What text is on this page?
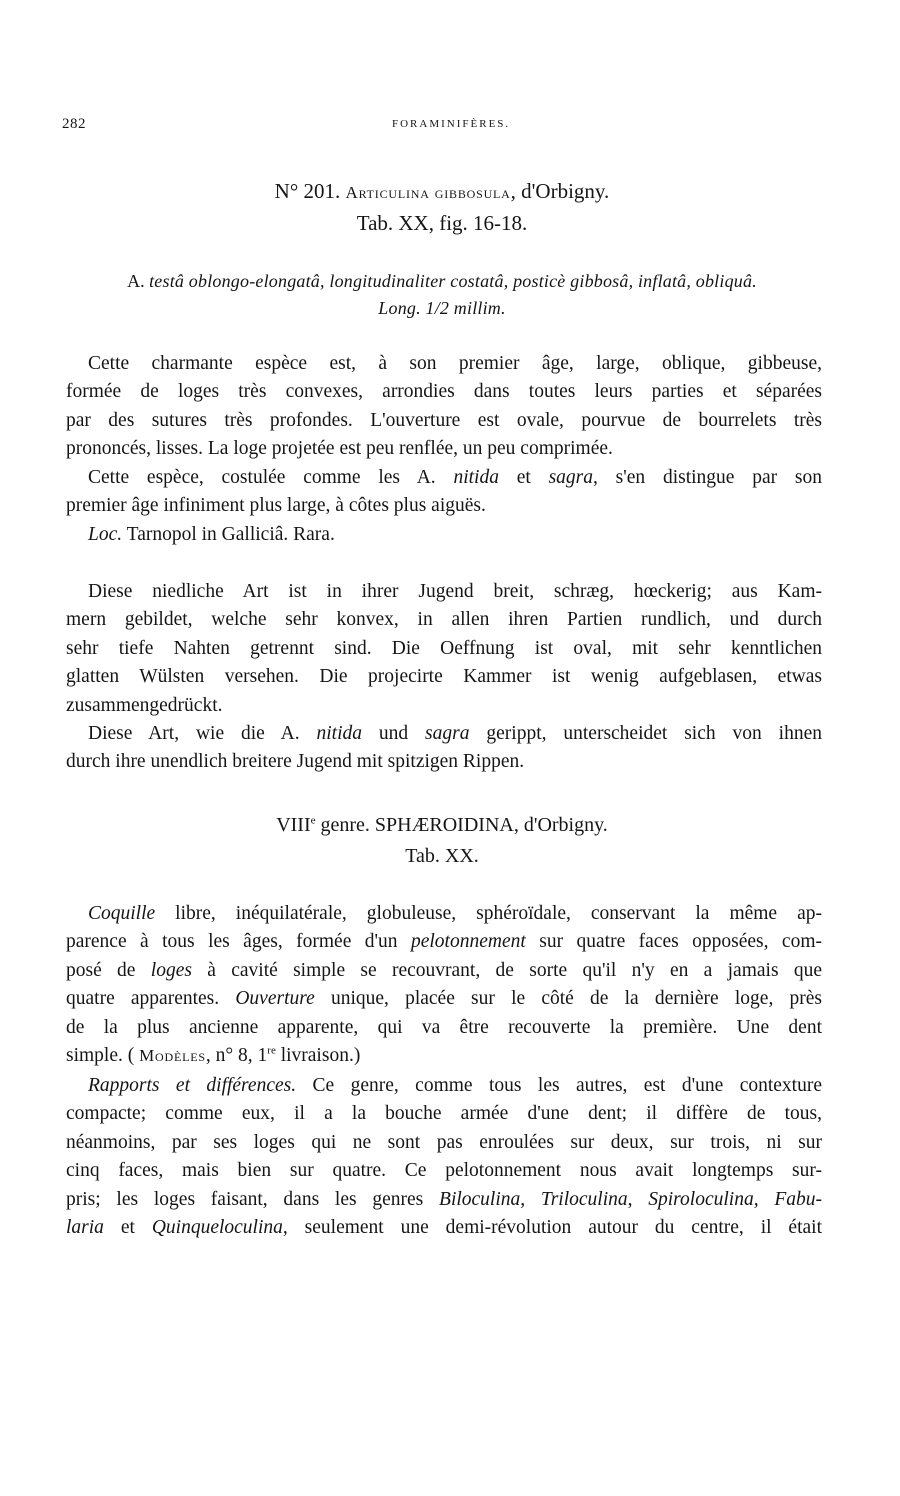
282	FORAMINIFÈRES.
N° 201. Articulina gibbosula, d'Orbigny.
Tab. XX, fig. 16-18.
A. testâ oblongo-elongatâ, longitudinaliter costatâ, posticè gibbosâ, inflatâ, obliquâ.
Long. 1/2 millim.
Cette charmante espèce est, à son premier âge, large, oblique, gibbeuse,
formée de loges très convexes, arrondies dans toutes leurs parties et séparées
par des sutures très profondes. L'ouverture est ovale, pourvue de bourrelets très
prononcés, lisses. La loge projetée est peu renflée, un peu comprimée.
Cette espèce, costulée comme les A. nitida et sagra, s'en distingue par son
premier âge infiniment plus large, à côtes plus aiguës.
Loc. Tarnopol in Galliciâ. Rara.
Diese niedliche Art ist in ihrer Jugend breit, schræg, hœckerig; aus Kam-
mern gebildet, welche sehr konvex, in allen ihren Partien rundlich, und durch
sehr tiefe Nahten getrennt sind. Die Oeffnung ist oval, mit sehr kenntlichen
glatten Wülsten versehen. Die projecirte Kammer ist wenig aufgeblasen, etwas
zusammengedrückt.
Diese Art, wie die A. nitida und sagra gerippt, unterscheidet sich von ihnen
durch ihre unendlich breitere Jugend mit spitzigen Rippen.
VIIIe genre. SPHÆROIDINA, d'Orbigny.
Tab. XX.
Coquille libre, inéquilatérale, globuleuse, sphéroïdale, conservant la même ap-
parence à tous les âges, formée d'un pelotonnement sur quatre faces opposées, com-
posé de loges à cavité simple se recouvrant, de sorte qu'il n'y en a jamais que
quatre apparentes. Ouverture unique, placée sur le côté de la dernière loge, près
de la plus ancienne apparente, qui va être recouverte la première. Une dent
simple. ( Modèles, n° 8, 1re livraison.)
Rapports et différences. Ce genre, comme tous les autres, est d'une contexture
compacte; comme eux, il a la bouche armée d'une dent; il diffère de tous,
néanmoins, par ses loges qui ne sont pas enroulées sur deux, sur trois, ni sur
cinq faces, mais bien sur quatre. Ce pelotonnement nous avait longtemps sur-
pris; les loges faisant, dans les genres Biloculina, Triloculina, Spiroloculina, Fabu-
laria et Quinqueloculina, seulement une demi-révolution autour du centre, il était
